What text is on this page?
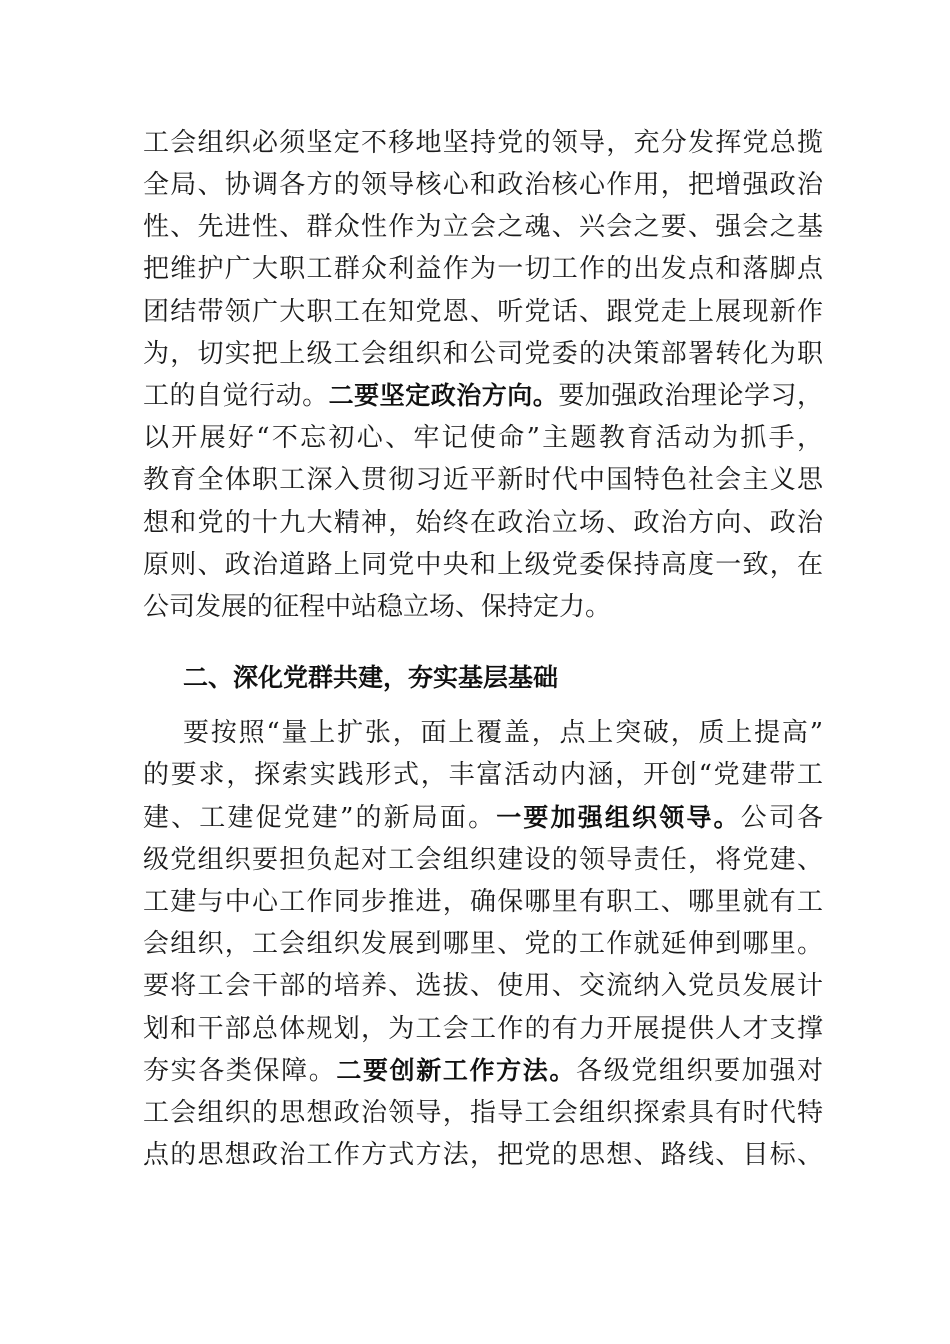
工会组织必须坚定不移地坚持党的领导，充分发挥党总揽
全局、协调各方的领导核心和政治核心作用，把增强政治
性、先进性、群众性作为立会之魂、兴会之要、强会之基
把维护广大职工群众利益作为一切工作的出发点和落脚点
团结带领广大职工在知党恩、听党话、跟党走上展现新作
为，切实把上级工会组织和公司党委的决策部署转化为职
工的自觉行动。二要坚定政治方向。要加强政治理论学习，
以开展好“不忘初心、牢记使命”主题教育活动为抓手，
教育全体职工深入贯彻习近平新时代中国特色社会主义思
想和党的十九大精神，始终在政治立场、政治方向、政治
原则、政治道路上同党中央和上级党委保持高度一致，在
公司发展的征程中站稳立场、保持定力。
二、深化党群共建，夯实基层基础
要按照“量上扩张，面上覆盖，点上突破，质上提高”
的要求，探索实践形式，丰富活动内涵，开创“党建带工
建、工建促党建”的新局面。一要加强组织领导。公司各
级党组织要担负起对工会组织建设的领导责任，将党建、
工建与中心工作同步推进，确保哪里有职工、哪里就有工
会组织，工会组织发展到哪里、党的工作就延伸到哪里。
要将工会干部的培养、选拔、使用、交流纳入党员发展计
划和干部总体规划，为工会工作的有力开展提供人才支撑
夯实各类保障。二要创新工作方法。各级党组织要加强对
工会组织的思想政治领导，指导工会组织探索具有时代特
点的思想政治工作方式方法，把党的思想、路线、目标、
